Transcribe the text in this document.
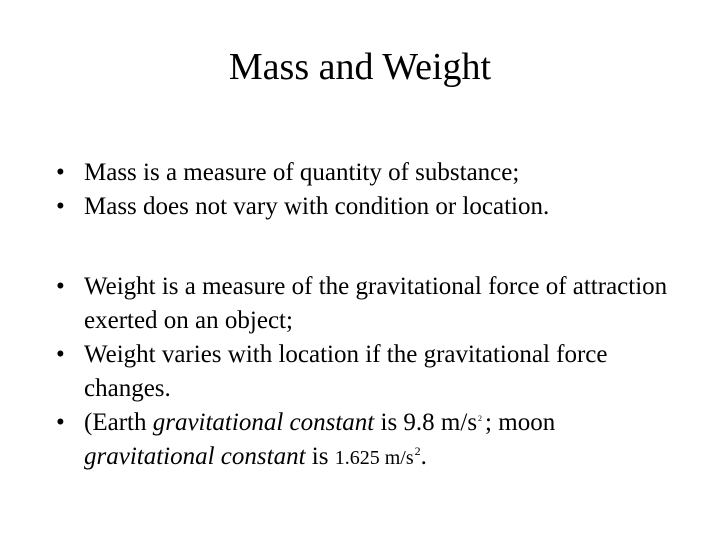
Mass and Weight
• Mass is a measure of quantity of substance;
• Mass does not vary with condition or location.
• Weight is a measure of the gravitational force of attraction exerted on an object;
• Weight varies with location if the gravitational force changes.
• (Earth gravitational constant is 9.8 $m/s^2$ ; moon gravitational constant is 1.625 $m/s^2$.
